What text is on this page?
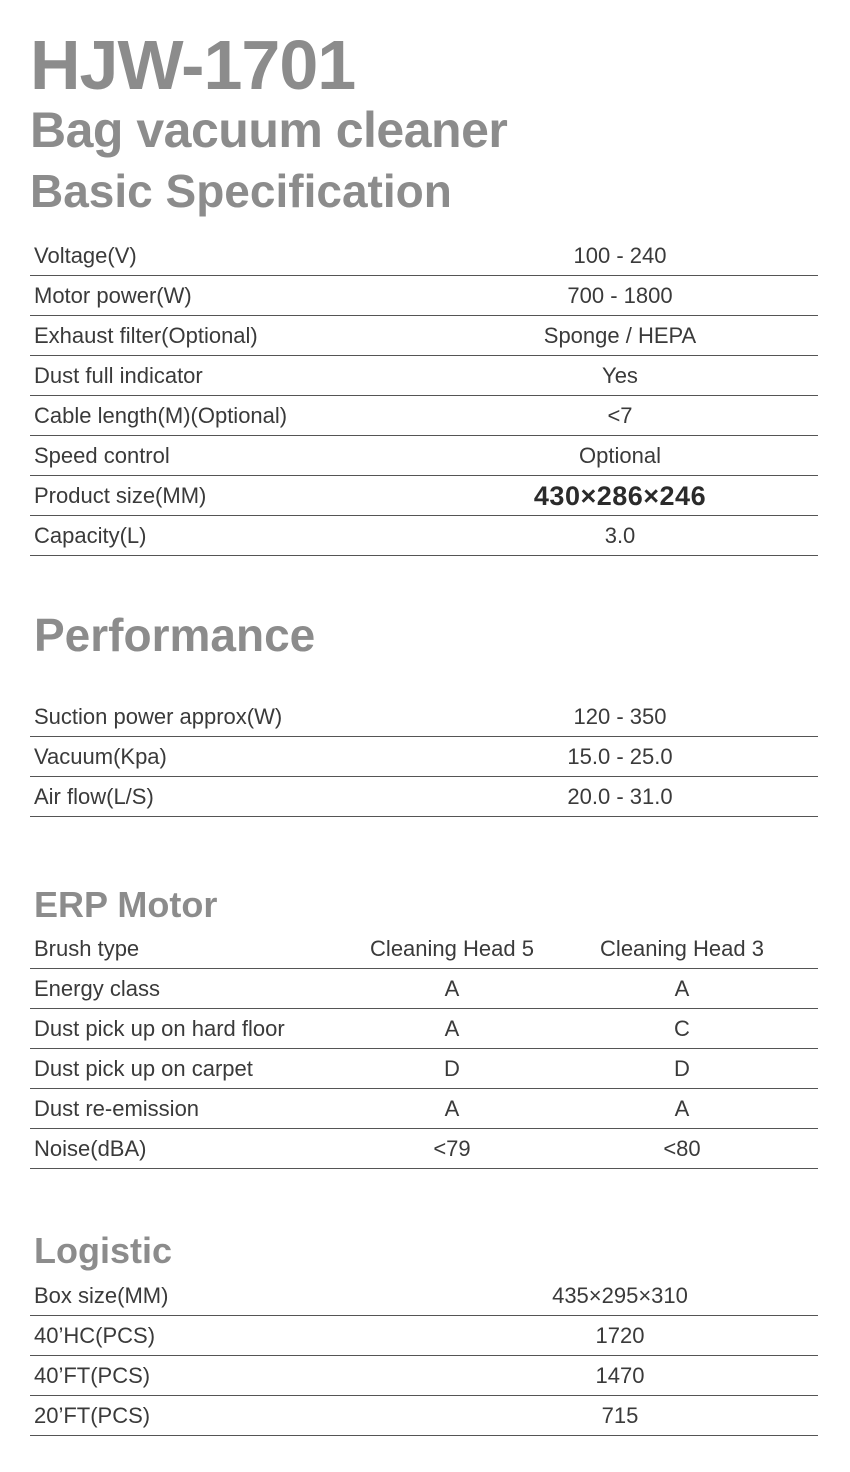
HJW-1701
Bag vacuum cleaner
Basic Specification
Voltage(V)	100 - 240
Motor power(W)	700 - 1800
Exhaust filter(Optional)	Sponge / HEPA
Dust full indicator	Yes
Cable length(M)(Optional)	<7
Speed control	Optional
Product size(MM)	430×286×246
Capacity(L)	3.0
Performance
Suction power approx(W)	120 - 350
Vacuum(Kpa)	15.0 - 25.0
Air flow(L/S)	20.0 - 31.0
ERP Motor
Brush type	Cleaning Head 5	Cleaning Head 3
Energy class	A	A
Dust pick up on hard floor	A	C
Dust pick up on carpet	D	D
Dust re-emission	A	A
Noise(dBA)	<79	<80
Logistic
Box size(MM)	435×295×310
40’HC(PCS)	1720
40’FT(PCS)	1470
20’FT(PCS)	715
